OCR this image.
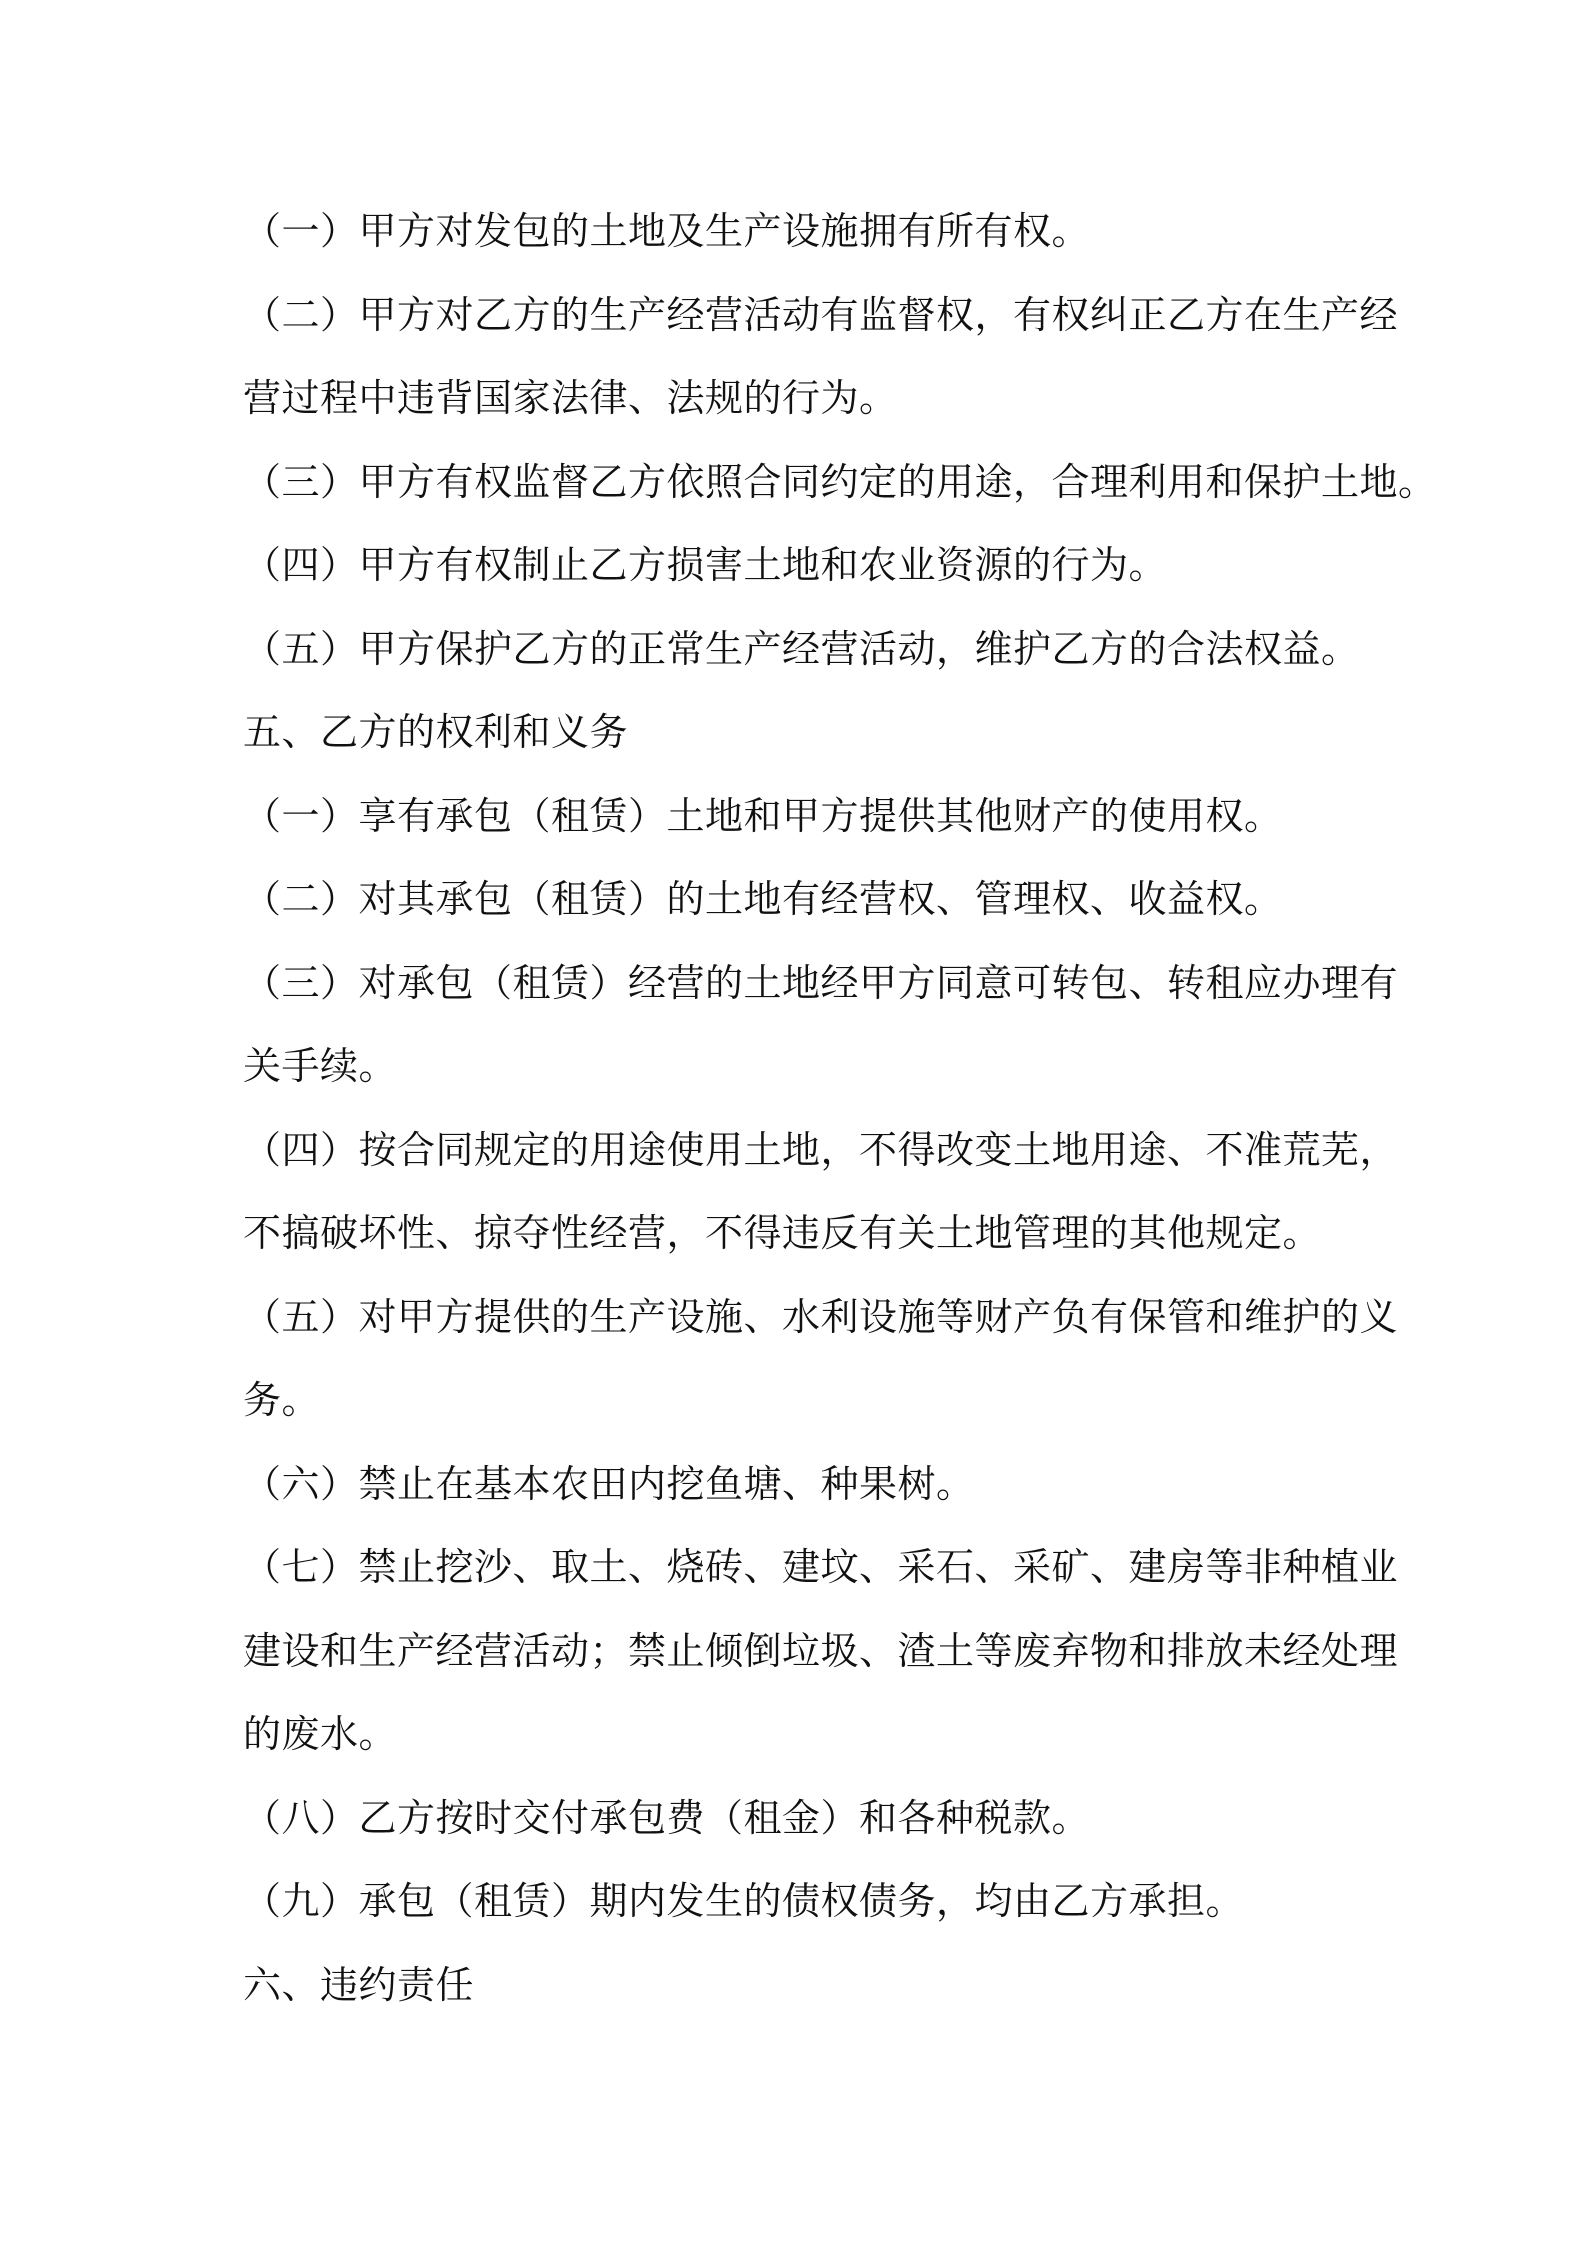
（一）甲方对发包的土地及生产设施拥有所有权。

（二）甲方对乙方的生产经营活动有监督权，有权纠正乙方在生产经

营过程中违背国家法律、法规的行为。

（三）甲方有权监督乙方依照合同约定的用途，合理利用和保护土地。

（四）甲方有权制止乙方损害土地和农业资源的行为。

（五）甲方保护乙方的正常生产经营活动，维护乙方的合法权益。

五、乙方的权利和义务

（一）享有承包（租赁）土地和甲方提供其他财产的使用权。

（二）对其承包（租赁）的土地有经营权、管理权、收益权。

（三）对承包（租赁）经营的土地经甲方同意可转包、转租应办理有

关手续。

（四）按合同规定的用途使用土地，不得改变土地用途、不准荒芜，

不搞破坏性、掠夺性经营，不得违反有关土地管理的其他规定。

（五）对甲方提供的生产设施、水利设施等财产负有保管和维护的义

务。

（六）禁止在基本农田内挖鱼塘、种果树。

（七）禁止挖沙、取土、烧砖、建坟、采石、采矿、建房等非种植业

建设和生产经营活动；禁止倾倒垃圾、渣土等废弃物和排放未经处理

的废水。

（八）乙方按时交付承包费（租金）和各种税款。

（九）承包（租赁）期内发生的债权债务，均由乙方承担。

六、违约责任
